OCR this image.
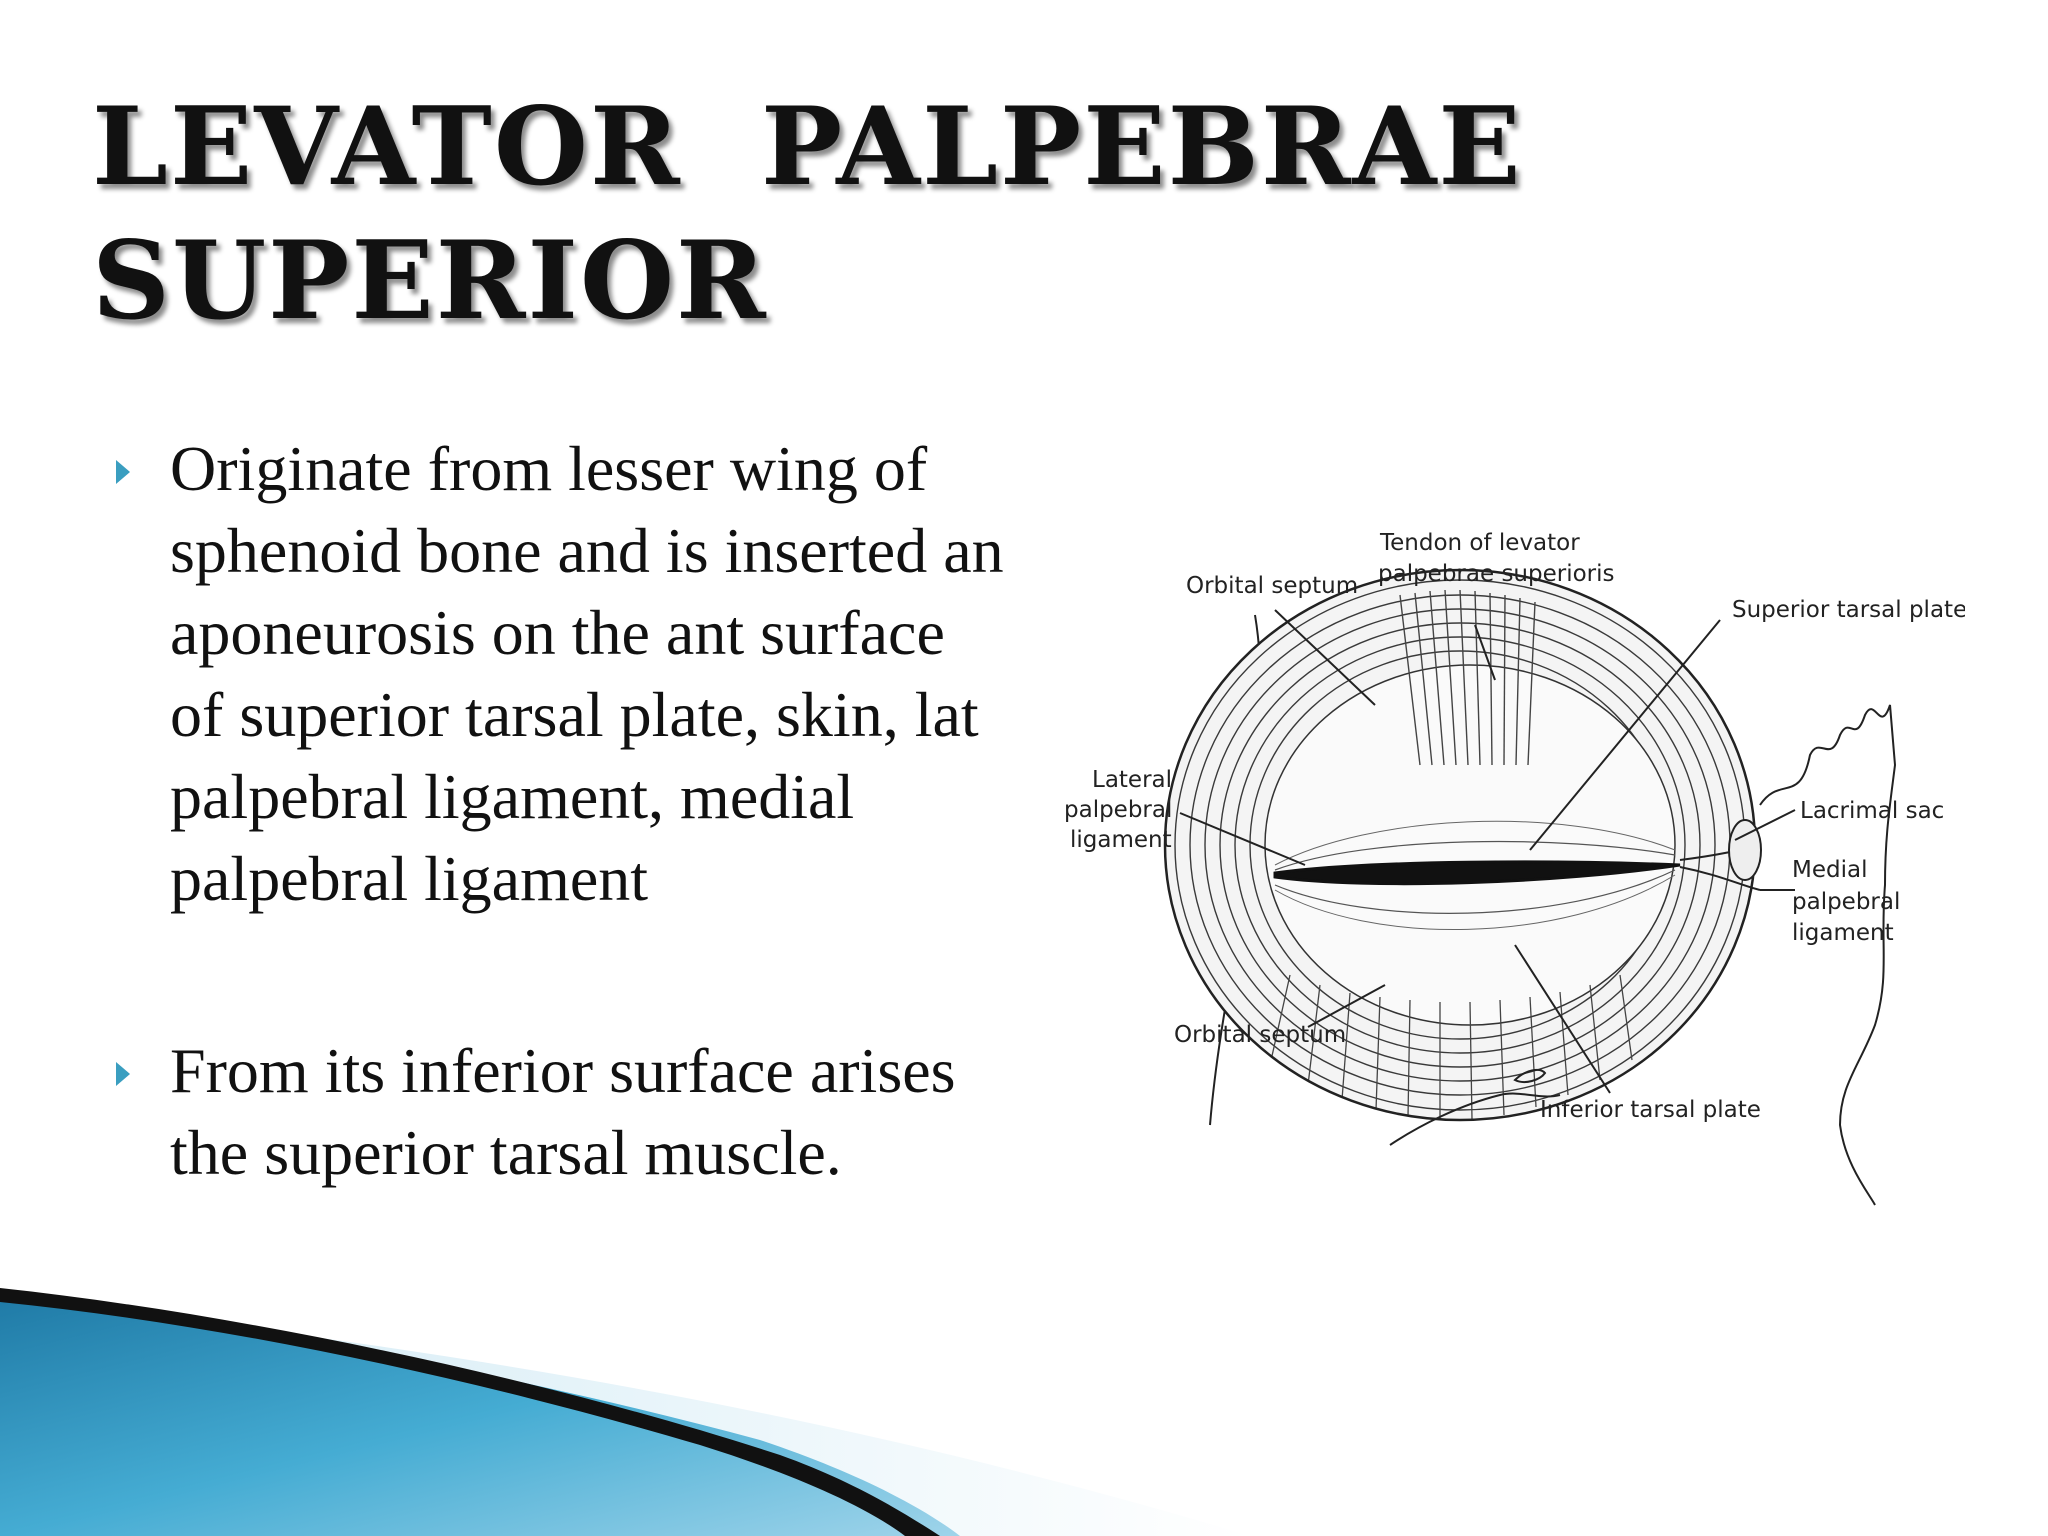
LEVATOR  PALPEBRAE
SUPERIOR
Originate from lesser wing of sphenoid bone and is inserted an aponeurosis on the ant surface of superior tarsal plate, skin, lat palpebral ligament, medial palpebral ligament
From its inferior surface arises the superior tarsal muscle.
Tendon of levator
palpebrae superioris
Orbital septum
Superior tarsal plate
Lateral
palpebral
ligament
Lacrimal sac
Medial
palpebral
ligament
Orbital septum
Inferior tarsal plate
